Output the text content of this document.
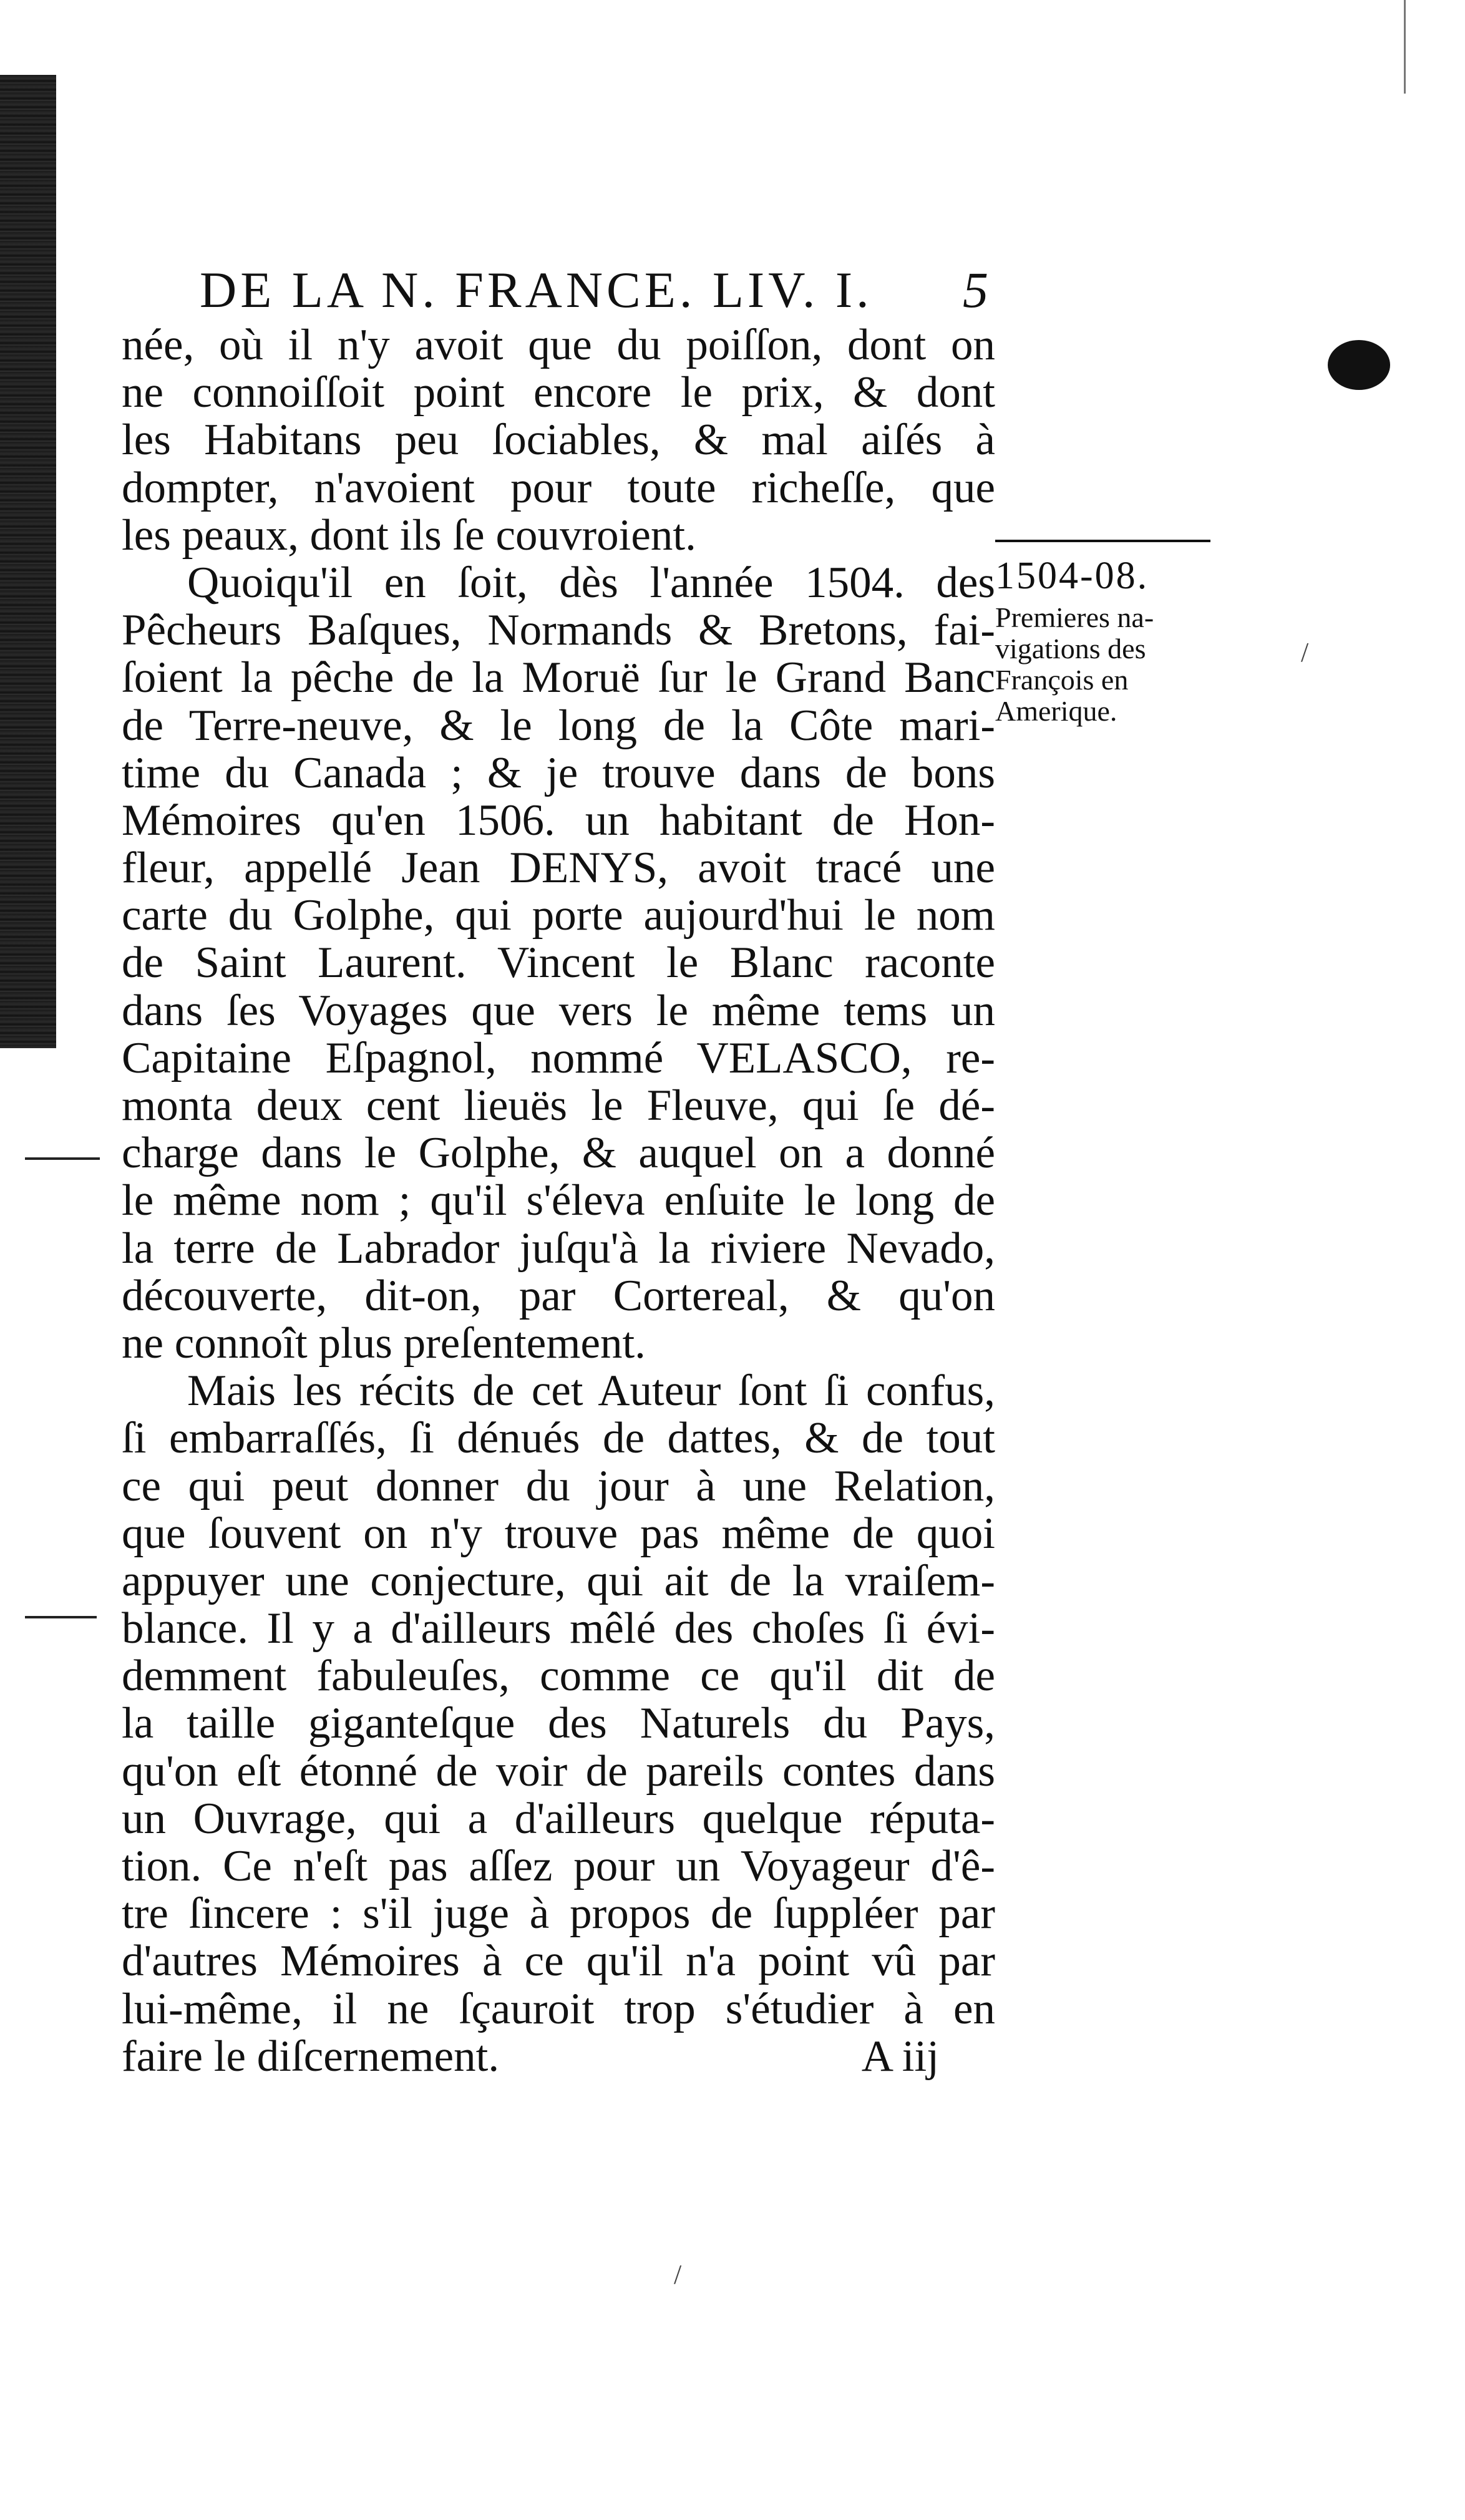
/
/
DE LA N. FRANCE. LIV. I. 5
née, où il n'y avoit que du poiſſon, dont on
ne connoiſſoit point encore le prix, & dont
les Habitans peu ſociables, & mal aiſés à
dompter, n'avoient pour toute richeſſe, que
les peaux, dont ils ſe couvroient.
Quoiqu'il en ſoit, dès l'année 1504. des
Pêcheurs Baſques, Normands & Bretons, fai-
ſoient la pêche de la Moruë ſur le Grand Banc
de Terre-neuve, & le long de la Côte mari-
time du Canada ; & je trouve dans de bons
Mémoires qu'en 1506. un habitant de Hon-
fleur, appellé Jean DENYS, avoit tracé une
carte du Golphe, qui porte aujourd'hui le nom
de Saint Laurent. Vincent le Blanc raconte
dans ſes Voyages que vers le même tems un
Capitaine Eſpagnol, nommé VELASCO, re-
monta deux cent lieuës le Fleuve, qui ſe dé-
charge dans le Golphe, & auquel on a donné
le même nom ; qu'il s'éleva enſuite le long de
la terre de Labrador juſqu'à la riviere Nevado,
découverte, dit-on, par Cortereal, & qu'on
ne connoît plus preſentement.
Mais les récits de cet Auteur ſont ſi confus,
ſi embarraſſés, ſi dénués de dattes, & de tout
ce qui peut donner du jour à une Relation,
que ſouvent on n'y trouve pas même de quoi
appuyer une conjecture, qui ait de la vraiſem-
blance. Il y a d'ailleurs mêlé des choſes ſi évi-
demment fabuleuſes, comme ce qu'il dit de
la taille giganteſque des Naturels du Pays,
qu'on eſt étonné de voir de pareils contes dans
un Ouvrage, qui a d'ailleurs quelque réputa-
tion. Ce n'eſt pas aſſez pour un Voyageur d'ê-
tre ſincere : s'il juge à propos de ſuppléer par
d'autres Mémoires à ce qu'il n'a point vû par
lui-même, il ne ſçauroit trop s'étudier à en
faire le diſcernement.	A iij
1504-08.
Premieres na-
vigations des
François en
Amerique.
